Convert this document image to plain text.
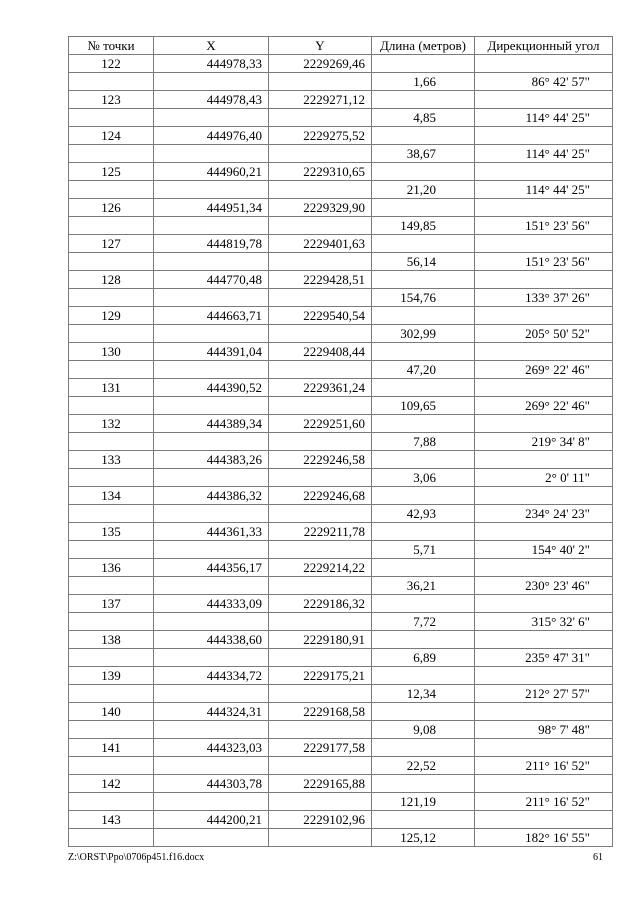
№ точки	X	Y	Длина (метров)	Дирекционный угол
122	444978,33	2229269,46		
			1,66	86° 42' 57"
123	444978,43	2229271,12		
			4,85	114° 44' 25"
124	444976,40	2229275,52		
			38,67	114° 44' 25"
125	444960,21	2229310,65		
			21,20	114° 44' 25"
126	444951,34	2229329,90		
			149,85	151° 23' 56"
127	444819,78	2229401,63		
			56,14	151° 23' 56"
128	444770,48	2229428,51		
			154,76	133° 37' 26"
129	444663,71	2229540,54		
			302,99	205° 50' 52"
130	444391,04	2229408,44		
			47,20	269° 22' 46"
131	444390,52	2229361,24		
			109,65	269° 22' 46"
132	444389,34	2229251,60		
			7,88	219° 34' 8"
133	444383,26	2229246,58		
			3,06	2° 0' 11"
134	444386,32	2229246,68		
			42,93	234° 24' 23"
135	444361,33	2229211,78		
			5,71	154° 40' 2"
136	444356,17	2229214,22		
			36,21	230° 23' 46"
137	444333,09	2229186,32		
			7,72	315° 32' 6"
138	444338,60	2229180,91		
			6,89	235° 47' 31"
139	444334,72	2229175,21		
			12,34	212° 27' 57"
140	444324,31	2229168,58		
			9,08	98° 7' 48"
141	444323,03	2229177,58		
			22,52	211° 16' 52"
142	444303,78	2229165,88		
			121,19	211° 16' 52"
143	444200,21	2229102,96		
			125,12	182° 16' 55"
Z:\ORST\Ppo\0706p451.f16.docx	61
